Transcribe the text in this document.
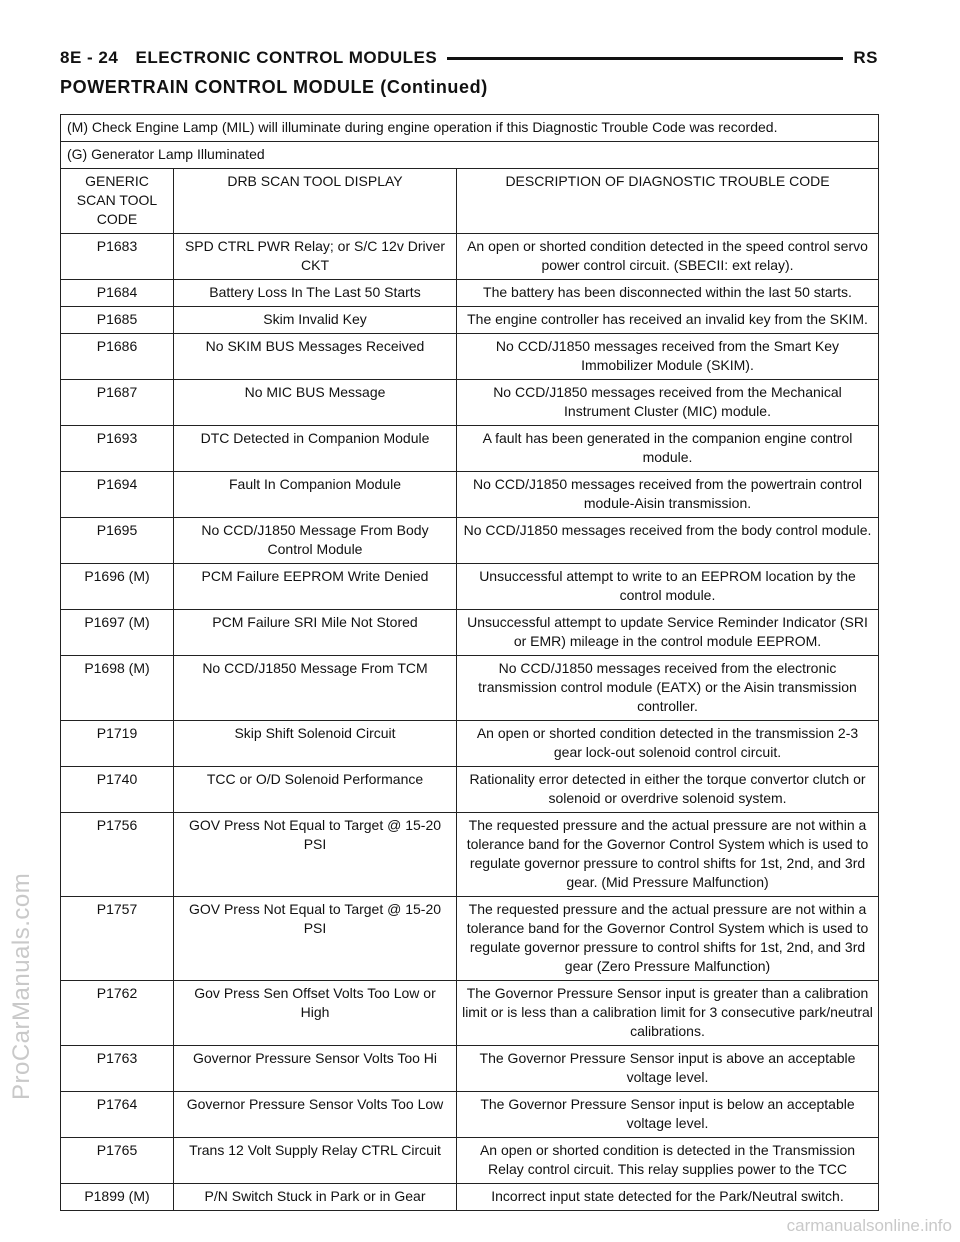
8E - 24 ELECTRONIC CONTROL MODULES	RS
POWERTRAIN CONTROL MODULE (Continued)
(M) Check Engine Lamp (MIL) will illuminate during engine operation if this Diagnostic Trouble Code was recorded.		
(G) Generator Lamp Illuminated		
GENERIC SCAN TOOL CODE	DRB SCAN TOOL DISPLAY	DESCRIPTION OF DIAGNOSTIC TROUBLE CODE
P1683	SPD CTRL PWR Relay; or S/C 12v Driver CKT	An open or shorted condition detected in the speed control servo power control circuit. (SBECII: ext relay).
P1684	Battery Loss In The Last 50 Starts	The battery has been disconnected within the last 50 starts.
P1685	Skim Invalid Key	The engine controller has received an invalid key from the SKIM.
P1686	No SKIM BUS Messages Received	No CCD/J1850 messages received from the Smart Key Immobilizer Module (SKIM).
P1687	No MIC BUS Message	No CCD/J1850 messages received from the Mechanical Instrument Cluster (MIC) module.
P1693	DTC Detected in Companion Module	A fault has been generated in the companion engine control module.
P1694	Fault In Companion Module	No CCD/J1850 messages received from the powertrain control module-Aisin transmission.
P1695	No CCD/J1850 Message From Body Control Module	No CCD/J1850 messages received from the body control module.
P1696 (M)	PCM Failure EEPROM Write Denied	Unsuccessful attempt to write to an EEPROM location by the control module.
P1697 (M)	PCM Failure SRI Mile Not Stored	Unsuccessful attempt to update Service Reminder Indicator (SRI or EMR) mileage in the control module EEPROM.
P1698 (M)	No CCD/J1850 Message From TCM	No CCD/J1850 messages received from the electronic transmission control module (EATX) or the Aisin transmission controller.
P1719	Skip Shift Solenoid Circuit	An open or shorted condition detected in the transmission 2-3 gear lock-out solenoid control circuit.
P1740	TCC or O/D Solenoid Performance	Rationality error detected in either the torque convertor clutch or solenoid or overdrive solenoid system.
P1756	GOV Press Not Equal to Target @ 15-20 PSI	The requested pressure and the actual pressure are not within a tolerance band for the Governor Control System which is used to regulate governor pressure to control shifts for 1st, 2nd, and 3rd gear. (Mid Pressure Malfunction)
P1757	GOV Press Not Equal to Target @ 15-20 PSI	The requested pressure and the actual pressure are not within a tolerance band for the Governor Control System which is used to regulate governor pressure to control shifts for 1st, 2nd, and 3rd gear (Zero Pressure Malfunction)
P1762	Gov Press Sen Offset Volts Too Low or High	The Governor Pressure Sensor input is greater than a calibration limit or is less than a calibration limit for 3 consecutive park/neutral calibrations.
P1763	Governor Pressure Sensor Volts Too Hi	The Governor Pressure Sensor input is above an acceptable voltage level.
P1764	Governor Pressure Sensor Volts Too Low	The Governor Pressure Sensor input is below an acceptable voltage level.
P1765	Trans 12 Volt Supply Relay CTRL Circuit	An open or shorted condition is detected in the Transmission Relay control circuit. This relay supplies power to the TCC
P1899 (M)	P/N Switch Stuck in Park or in Gear	Incorrect input state detected for the Park/Neutral switch.
ProCarManuals.com
carmanualsonline.info
